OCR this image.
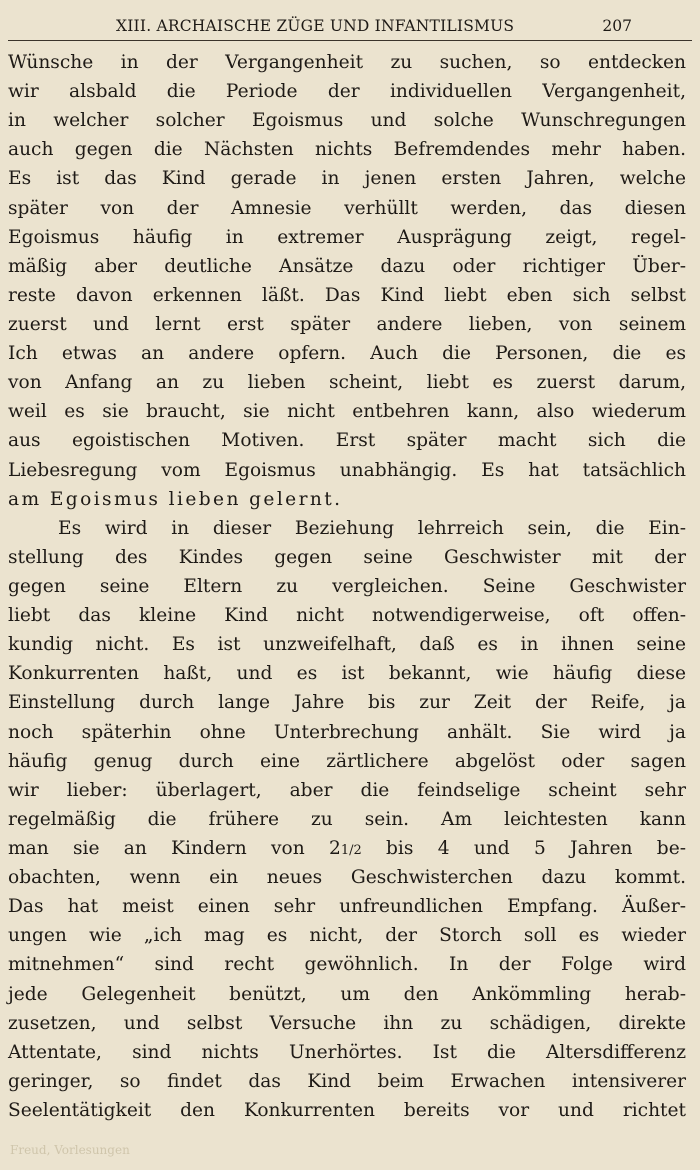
XIII. ARCHAISCHE ZÜGE UND INFANTILISMUS	207
Wünsche in der Vergangenheit zu suchen, so entdecken
wir alsbald die Periode der individuellen Vergangenheit,
in welcher solcher Egoismus und solche Wunschregungen
auch gegen die Nächsten nichts Befremdendes mehr haben.
Es ist das Kind gerade in jenen ersten Jahren, welche
später von der Amnesie verhüllt werden, das diesen
Egoismus häufig in extremer Ausprägung zeigt, regel-
mäßig aber deutliche Ansätze dazu oder richtiger Über-
reste davon erkennen läßt. Das Kind liebt eben sich selbst
zuerst und lernt erst später andere lieben, von seinem
Ich etwas an andere opfern. Auch die Personen, die es
von Anfang an zu lieben scheint, liebt es zuerst darum,
weil es sie braucht, sie nicht entbehren kann, also wiederum
aus egoistischen Motiven. Erst später macht sich die
Liebesregung vom Egoismus unabhängig. Es hat tatsächlich
am Egoismus lieben gelernt.
Es wird in dieser Beziehung lehrreich sein, die Ein-
stellung des Kindes gegen seine Geschwister mit der
gegen seine Eltern zu vergleichen. Seine Geschwister
liebt das kleine Kind nicht notwendigerweise, oft offen-
kundig nicht. Es ist unzweifelhaft, daß es in ihnen seine
Konkurrenten haßt, und es ist bekannt, wie häufig diese
Einstellung durch lange Jahre bis zur Zeit der Reife, ja
noch späterhin ohne Unterbrechung anhält. Sie wird ja
häufig genug durch eine zärtlichere abgelöst oder sagen
wir lieber: überlagert, aber die feindselige scheint sehr
regelmäßig die frühere zu sein. Am leichtesten kann
man sie an Kindern von 21/2 bis 4 und 5 Jahren be-
obachten, wenn ein neues Geschwisterchen dazu kommt.
Das hat meist einen sehr unfreundlichen Empfang. Äußer-
ungen wie „ich mag es nicht, der Storch soll es wieder
mitnehmen“ sind recht gewöhnlich. In der Folge wird
jede Gelegenheit benützt, um den Ankömmling herab-
zusetzen, und selbst Versuche ihn zu schädigen, direkte
Attentate, sind nichts Unerhörtes. Ist die Altersdifferenz
geringer, so findet das Kind beim Erwachen intensiverer
Seelentätigkeit den Konkurrenten bereits vor und richtet
Freud, Vorlesungen
